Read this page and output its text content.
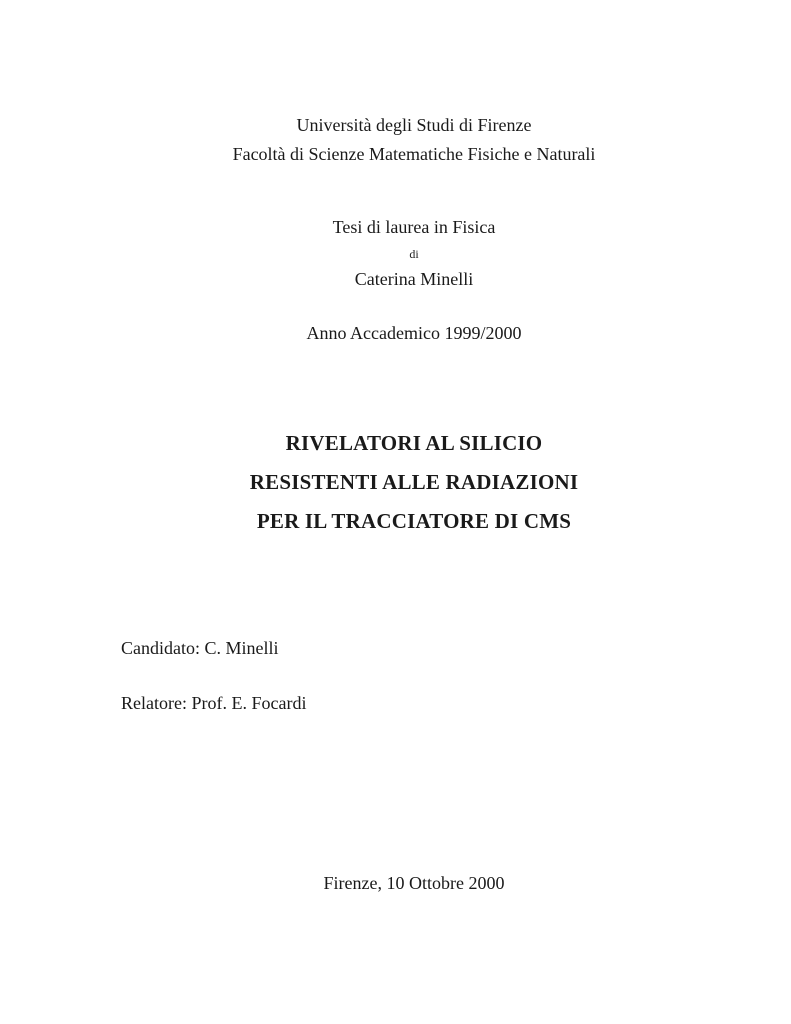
Università degli Studi di Firenze
Facoltà di Scienze Matematiche Fisiche e Naturali
Tesi di laurea in Fisica
di
Caterina Minelli
Anno Accademico 1999/2000
RIVELATORI AL SILICIO
RESISTENTI ALLE RADIAZIONI
PER IL TRACCIATORE DI CMS
Candidato: C. Minelli
Relatore: Prof. E. Focardi
Firenze, 10 Ottobre 2000
